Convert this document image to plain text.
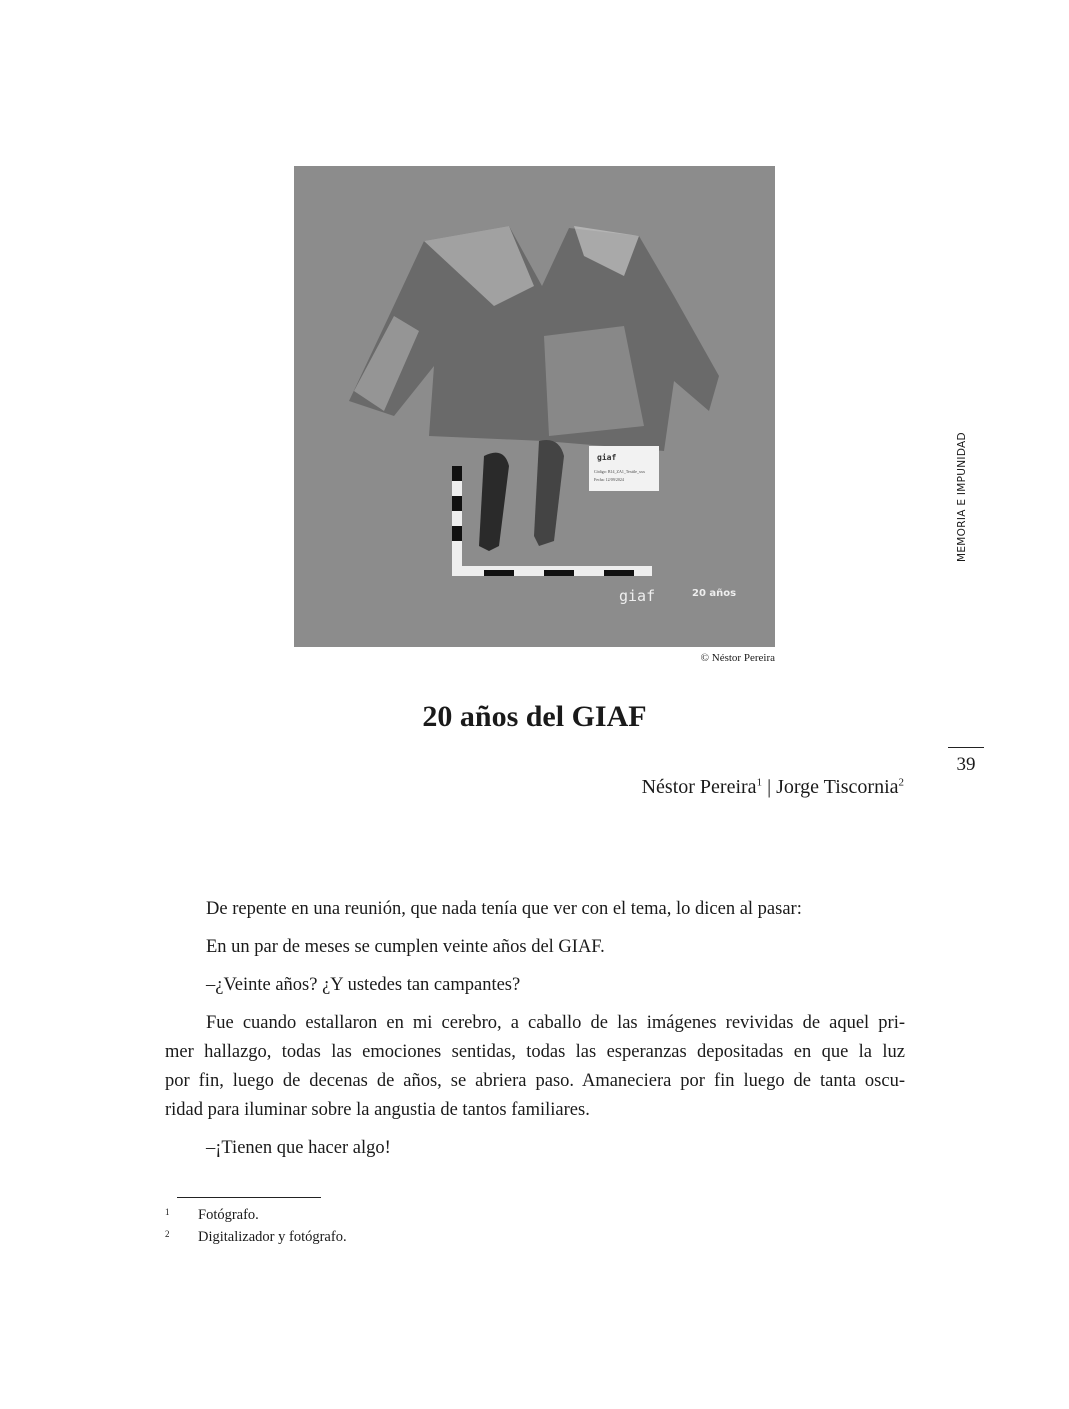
giaf
Código: B14_ZA1_Textile_xxx
Fecha: 12/09/2024
giaf	20 años
© Néstor Pereira
MEMORIA E IMPUNIDAD
39
20 años del GIAF
Néstor Pereira$^1$ | Jorge Tiscornia$^2$

De repente en una reunión, que nada tenía que ver con el tema, lo dicen al pasar:

En un par de meses se cumplen veinte años del GIAF.

–¿Veinte años? ¿Y ustedes tan campantes?

Fue cuando estallaron en mi cerebro, a caballo de las imágenes revividas de aquel pri-
mer hallazgo, todas las emociones sentidas, todas las esperanzas depositadas en que la luz
por fin, luego de decenas de años, se abriera paso. Amaneciera por fin luego de tanta oscu-
ridad para iluminar sobre la angustia de tantos familiares.

–¡Tienen que hacer algo!

1 Fotógrafo.
2 Digitalizador y fotógrafo.
